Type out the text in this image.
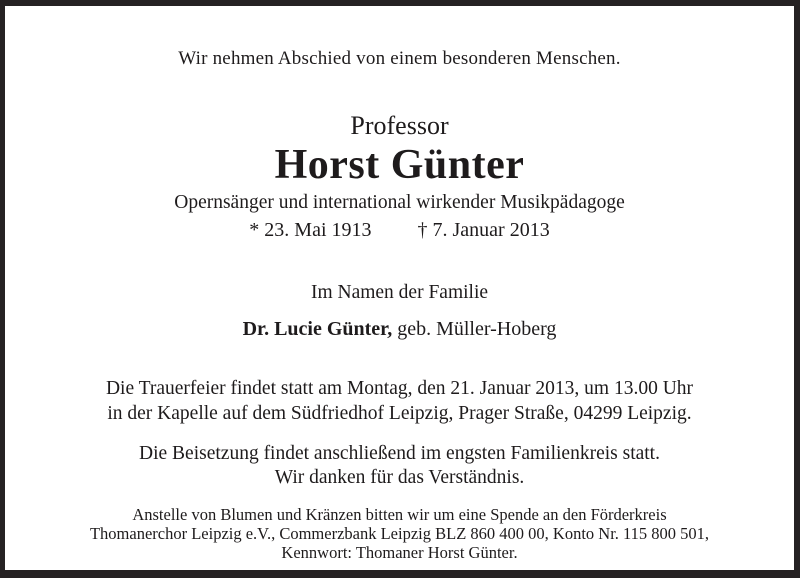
Wir nehmen Abschied von einem besonderen Menschen.
Professor
Horst Günter
Opernsänger und international wirkender Musikpädagoge
* 23. Mai 1913 † 7. Januar 2013
Im Namen der Familie
Dr. Lucie Günter, geb. Müller-Hoberg
Die Trauerfeier findet statt am Montag, den 21. Januar 2013, um 13.00 Uhr
in der Kapelle auf dem Südfriedhof Leipzig, Prager Straße, 04299 Leipzig.
Die Beisetzung findet anschließend im engsten Familienkreis statt.
Wir danken für das Verständnis.
Anstelle von Blumen und Kränzen bitten wir um eine Spende an den Förderkreis
Thomanerchor Leipzig e.V., Commerzbank Leipzig BLZ 860 400 00, Konto Nr. 115 800 501,
Kennwort: Thomaner Horst Günter.
